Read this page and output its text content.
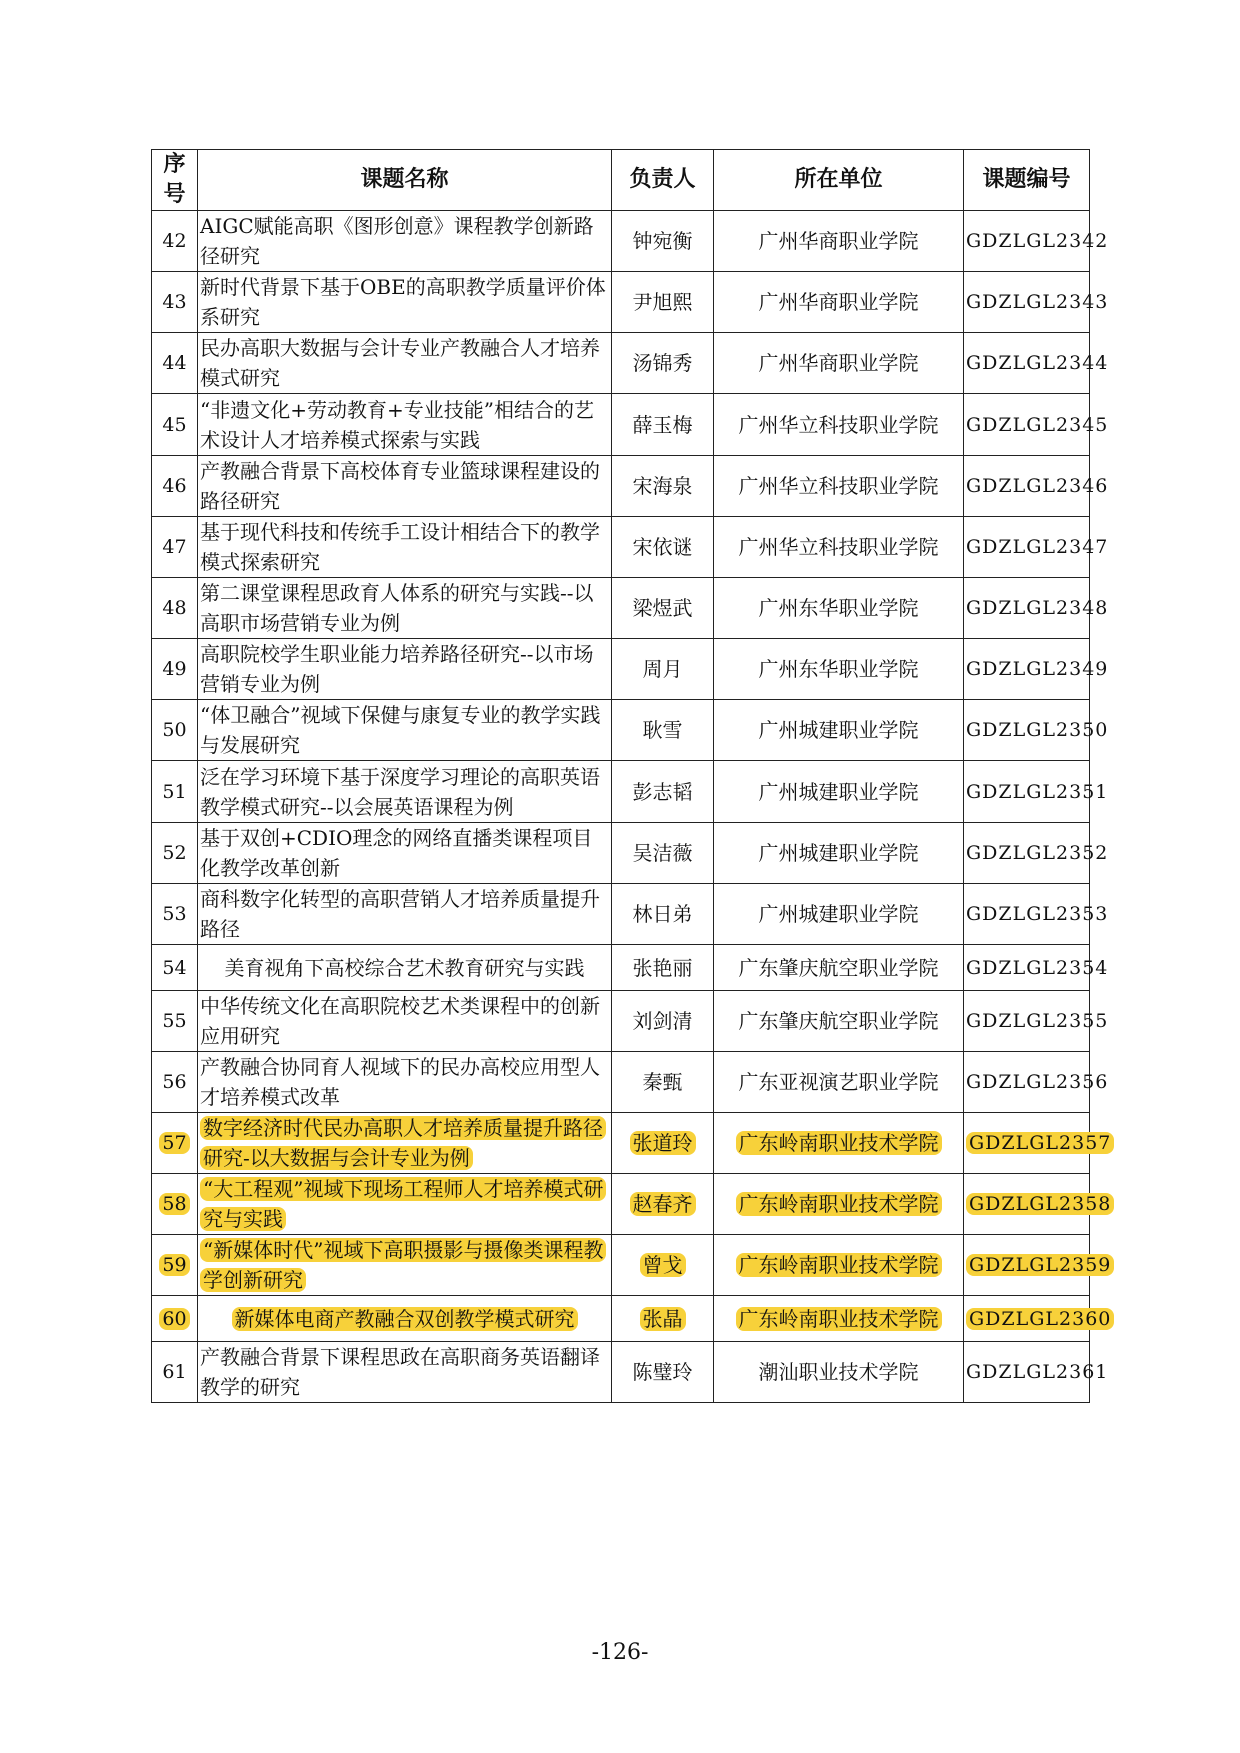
序号	课题名称	负责人	所在单位	课题编号
42	AIGC赋能高职《图形创意》课程教学创新路径研究	钟宛衡	广州华商职业学院	GDZLGL2342
43	新时代背景下基于OBE的高职教学质量评价体系研究	尹旭熙	广州华商职业学院	GDZLGL2343
44	民办高职大数据与会计专业产教融合人才培养模式研究	汤锦秀	广州华商职业学院	GDZLGL2344
45	“非遗文化+劳动教育+专业技能”相结合的艺术设计人才培养模式探索与实践	薛玉梅	广州华立科技职业学院	GDZLGL2345
46	产教融合背景下高校体育专业篮球课程建设的路径研究	宋海泉	广州华立科技职业学院	GDZLGL2346
47	基于现代科技和传统手工设计相结合下的教学模式探索研究	宋依谜	广州华立科技职业学院	GDZLGL2347
48	第二课堂课程思政育人体系的研究与实践--以高职市场营销专业为例	梁煜武	广州东华职业学院	GDZLGL2348
49	高职院校学生职业能力培养路径研究--以市场营销专业为例	周月	广州东华职业学院	GDZLGL2349
50	“体卫融合”视域下保健与康复专业的教学实践与发展研究	耿雪	广州城建职业学院	GDZLGL2350
51	泛在学习环境下基于深度学习理论的高职英语教学模式研究--以会展英语课程为例	彭志韬	广州城建职业学院	GDZLGL2351
52	基于双创+CDIO理念的网络直播类课程项目化教学改革创新	吴洁薇	广州城建职业学院	GDZLGL2352
53	商科数字化转型的高职营销人才培养质量提升路径	林日弟	广州城建职业学院	GDZLGL2353
54	美育视角下高校综合艺术教育研究与实践	张艳丽	广东肇庆航空职业学院	GDZLGL2354
55	中华传统文化在高职院校艺术类课程中的创新应用研究	刘剑清	广东肇庆航空职业学院	GDZLGL2355
56	产教融合协同育人视域下的民办高校应用型人才培养模式改革	秦甄	广东亚视演艺职业学院	GDZLGL2356
57	数字经济时代民办高职人才培养质量提升路径研究-以大数据与会计专业为例	张道玲	广东岭南职业技术学院	GDZLGL2357
58	“大工程观”视域下现场工程师人才培养模式研究与实践	赵春齐	广东岭南职业技术学院	GDZLGL2358
59	“新媒体时代”视域下高职摄影与摄像类课程教学创新研究	曾戈	广东岭南职业技术学院	GDZLGL2359
60	新媒体电商产教融合双创教学模式研究	张晶	广东岭南职业技术学院	GDZLGL2360
61	产教融合背景下课程思政在高职商务英语翻译教学的研究	陈璧玲	潮汕职业技术学院	GDZLGL2361
-126-
